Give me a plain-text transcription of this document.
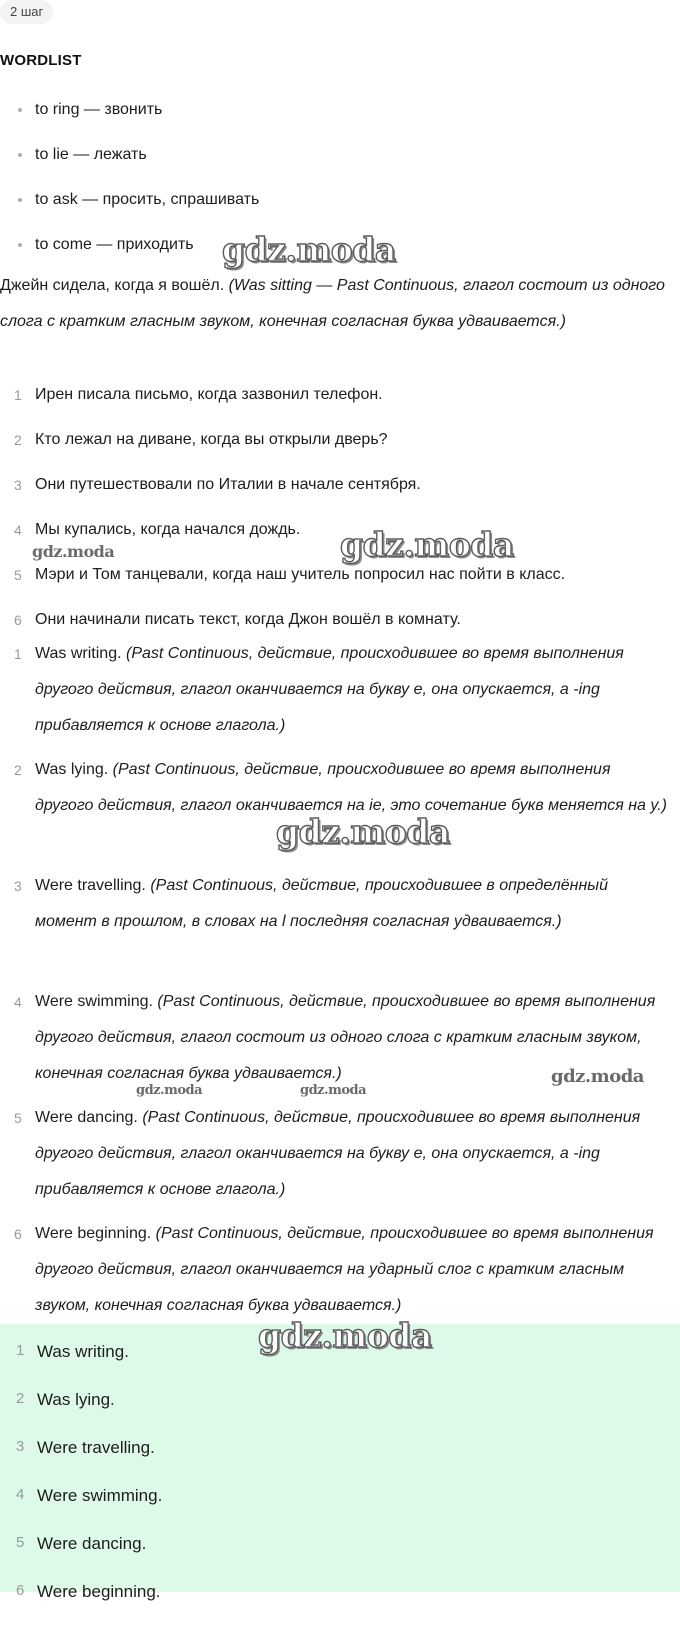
2 шаг
WORDLIST
to ring — звонить
to lie — лежать
to ask — просить, спрашивать
to come — приходить
Джейн сидела, когда я вошёл. (Was sitting — Past Continuous, глагол состоит из одного слога с кратким гласным звуком, конечная согласная буква удваивается.)
1 Ирен писала письмо, когда зазвонил телефон.
2 Кто лежал на диване, когда вы открыли дверь?
3 Они путешествовали по Италии в начале сентября.
4 Мы купались, когда начался дождь.
5 Мэри и Том танцевали, когда наш учитель попросил нас пойти в класс.
6 Они начинали писать текст, когда Джон вошёл в комнату.
1 Was writing. (Past Continuous, действие, происходившее во время выполнения другого действия, глагол оканчивается на букву e, она опускается, а -ing прибавляется к основе глагола.)
2 Was lying. (Past Continuous, действие, происходившее во время выполнения другого действия, глагол оканчивается на ie, это сочетание букв меняется на y.)
3 Were travelling. (Past Continuous, действие, происходившее в определённый момент в прошлом, в словах на l последняя согласная удваивается.)
4 Were swimming. (Past Continuous, действие, происходившее во время выполнения другого действия, глагол состоит из одного слога с кратким гласным звуком, конечная согласная буква удваивается.)
5 Were dancing. (Past Continuous, действие, происходившее во время выполнения другого действия, глагол оканчивается на букву e, она опускается, а -ing прибавляется к основе глагола.)
6 Were beginning. (Past Continuous, действие, происходившее во время выполнения другого действия, глагол оканчивается на ударный слог с кратким гласным звуком, конечная согласная буква удваивается.)
1 Was writing.
2 Was lying.
3 Were travelling.
4 Were swimming.
5 Were dancing.
6 Were beginning.
gdz.moda
gdz.moda
gdz.moda
gdz.moda
gdz.moda
gdz.moda	gdz.moda
gdz.moda
